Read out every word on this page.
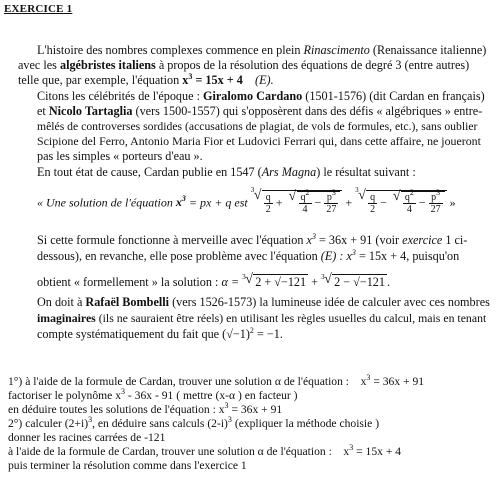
EXERCICE 1
L'histoire des nombres complexes commence en plein Rinascimento (Renaissance italienne)
avec les algébristes italiens à propos de la résolution des équations de degré 3 (entre autres)
telle que, par exemple, l'équation $x^3 = 15x + 4$ (E).
Citons les célébrités de l'époque : Giralomo Cardano (1501-1576) (dit Cardan en français)
et Nicolo Tartaglia (vers 1500-1557) qui s'opposèrent dans des défis « algébriques » entre-
mêlés de controverses sordides (accusations de plagiat, de vols de formules, etc.), sans oublier
Scipione del Ferro, Antonio Maria Fior et Ludovici Ferrari qui, dans cette affaire, ne joueront
pas les simples « porteurs d'eau ».
En tout état de cause, Cardan publie en 1547 (Ars Magna) le résultat suivant :
« Une solution de l'équation $x^3$ = px + q est
3 √ $\frac{q}{2}$ + √ $\frac{q^2}{4} - \frac{p^3}{27}$ +
3 √ $\frac{q}{2}$ − √ $\frac{q^2}{4} - \frac{p^3}{27}$ »
Si cette formule fonctionne à merveille avec l'équation $x^3 = 36x + 91$ (voir exercice 1 ci-
dessous), en revanche, elle pose problème avec l'équation (E) : $x^3 = 15x + 4$, puisqu'on
obtient « formellement » la solution : α = 3 √ 2 + √−121 + 3 √ 2 − √−121 .
On doit à Rafaël Bombelli (vers 1526-1573) la lumineuse idée de calculer avec ces nombres
imaginaires (ils ne sauraient être réels) en utilisant les règles usuelles du calcul, mais en tenant
compte systématiquement du fait que $(√-1)^2 = -1$.
1°) à l'aide de la formule de Cardan, trouver une solution α de l'équation : $x^3 = 36x + 91$
factoriser le polynôme $x^3 - 36x - 91$ ( mettre (x-α ) en facteur )
en déduire toutes les solutions de l'équation : $x^3 = 36x + 91$
2°) calculer $(2+i)^3$, en déduire sans calculs $(2-i)^3$ (expliquer la méthode choisie )
donner les racines carrées de -121
à l'aide de la formule de Cardan, trouver une solution α de l'équation : $x^3 = 15x + 4$
puis terminer la résolution comme dans l'exercice 1
